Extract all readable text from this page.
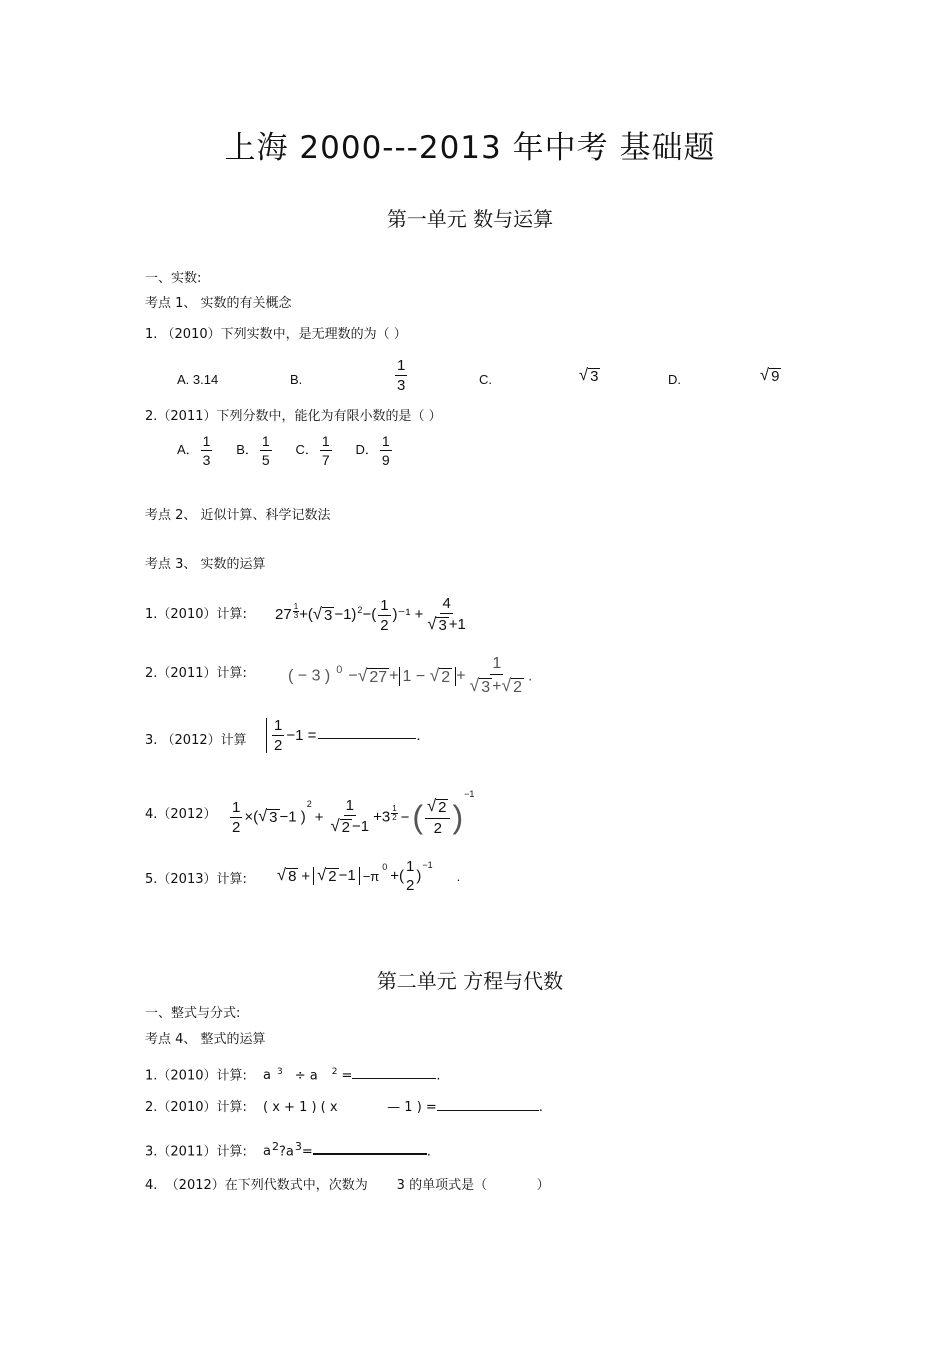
上海 2000---2013 年中考 基础题
第一单元 数与运算
一、实数:
考点 1、 实数的有关概念
1. （2010）下列实数中，是无理数的为（ ）
A. 3.14	B.	$\frac{1}{3}$	C.	√ 3	D.	√ 9
2.（2011）下列分数中，能化为有限小数的是（ ）
A． $\frac{1}{3}$ B． $\frac{1}{5}$ C． $\frac{1}{7}$ D． $\frac{1}{9}$
考点 2、 近似计算、科学记数法
考点 3、 实数的运算
1.（2010）计算: $27 \frac{1}{3}$ +( √ $3 -1)^2-( \frac{1}{2} )^{-1} + \frac{4}{√ 3 +1}$
2.（2011）计算:	( − 3 ) $^0$ − √ 27 + 1 − √ $2 + \frac{1}{√ 3 + √ 2}$ .
3. （2012）计算 $\frac{1}{2} -1$ =	.
$4.(2012) \frac{1}{2}$ ×( √ 3 −1 )$^2+ \frac{1}{√ 2 -1} +3 \frac{1}{2}$ −( $\frac{√ 2}{2} )^{-1}$
5.（2013）计算: √ 8 + √ $2 -1 -\pi^0+$(
1
2
)$^{-1}$.
第二单元 方程与代数
一、整式与分式:
考点 4、 整式的运算
1.（2010）计算: a $^3$ ÷ a $^2$ =	.
2.（2010）计算: ( x + 1 ) ( x            — 1 ) =	.
3.（2011）计算: $a^2?a^3=$	.
4.  （2012）在下列代数式中，次数为       3 的单项式是（            ）
